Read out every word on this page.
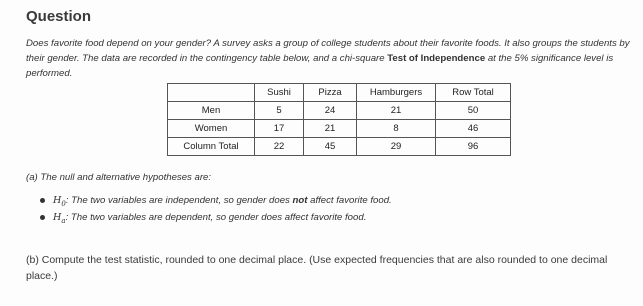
Question
Does favorite food depend on your gender? A survey asks a group of college students about their favorite foods. It also groups the students by their gender. The data are recorded in the contingency table below, and a chi-square Test of Independence at the 5% significance level is performed.
	Sushi	Pizza	Hamburgers	Row Total
Men	5	24	21	50
Women	17	21	8	46
Column Total	22	45	29	96
(a) The null and alternative hypotheses are:
$H_0$: The two variables are independent, so gender does not affect favorite food.
$H_a$: The two variables are dependent, so gender does affect favorite food.
(b) Compute the test statistic, rounded to one decimal place. (Use expected frequencies that are also rounded to one decimal place.)
